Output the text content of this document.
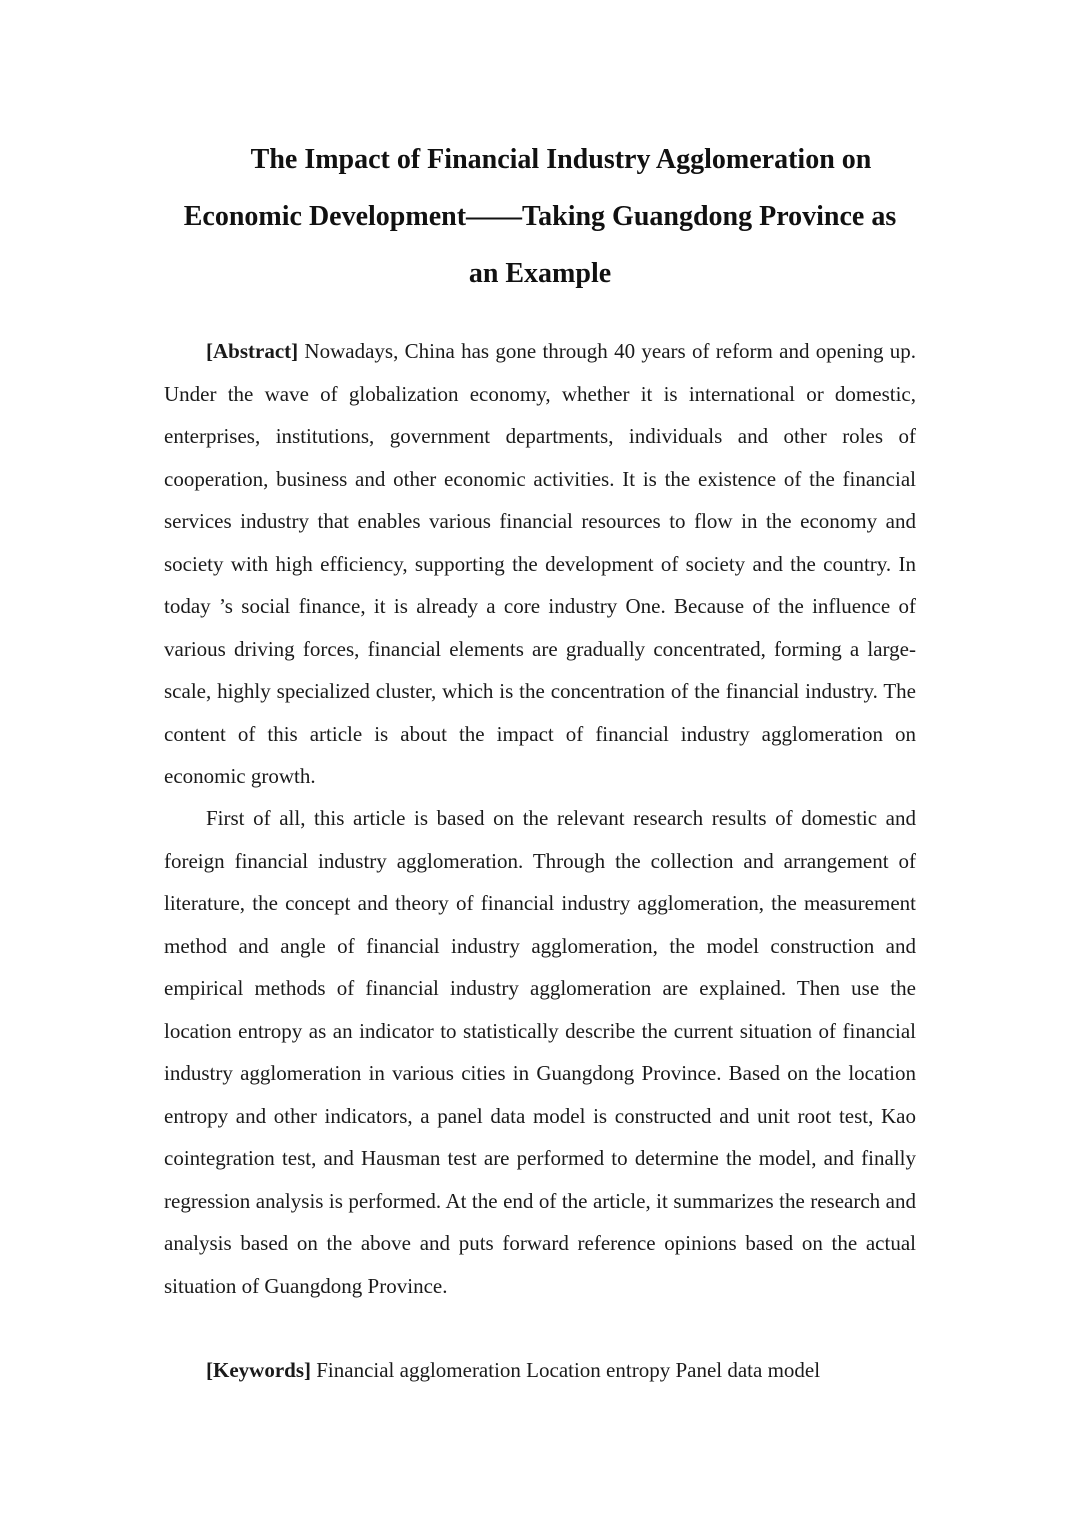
The Impact of Financial Industry Agglomeration on
Economic Development——Taking Guangdong Province as
an Example

[Abstract] Nowadays, China has gone through 40 years of reform and opening up. Under the wave of globalization economy, whether it is international or domestic, enterprises, institutions, government departments, individuals and other roles of cooperation, business and other economic activities. It is the existence of the financial services industry that enables various financial resources to flow in the economy and society with high efficiency, supporting the development of society and the country. In today ’s social finance, it is already a core industry One. Because of the influence of various driving forces, financial elements are gradually concentrated, forming a large-scale, highly specialized cluster, which is the concentration of the financial industry. The content of this article is about the impact of financial industry agglomeration on economic growth.

First of all, this article is based on the relevant research results of domestic and foreign financial industry agglomeration. Through the collection and arrangement of literature, the concept and theory of financial industry agglomeration, the measurement method and angle of financial industry agglomeration, the model construction and empirical methods of financial industry agglomeration are explained. Then use the location entropy as an indicator to statistically describe the current situation of financial industry agglomeration in various cities in Guangdong Province. Based on the location entropy and other indicators, a panel data model is constructed and unit root test, Kao cointegration test, and Hausman test are performed to determine the model, and finally regression analysis is performed. At the end of the article, it summarizes the research and analysis based on the above and puts forward reference opinions based on the actual situation of Guangdong Province.

[Keywords] Financial agglomeration Location entropy Panel data model
